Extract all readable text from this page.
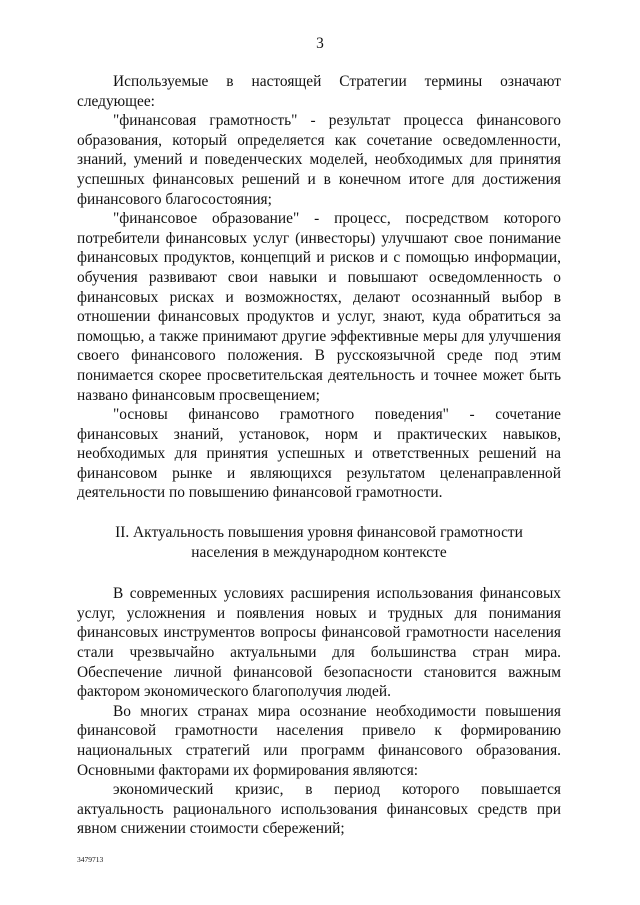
3

Используемые в настоящей Стратегии термины означают следующее:

"финансовая грамотность" - результат процесса финансового образования, который определяется как сочетание осведомленности, знаний, умений и поведенческих моделей, необходимых для принятия успешных финансовых решений и в конечном итоге для достижения финансового благосостояния;

"финансовое образование" - процесс, посредством которого потребители финансовых услуг (инвесторы) улучшают свое понимание финансовых продуктов, концепций и рисков и с помощью информации, обучения развивают свои навыки и повышают осведомленность о финансовых рисках и возможностях, делают осознанный выбор в отношении финансовых продуктов и услуг, знают, куда обратиться за помощью, а также принимают другие эффективные меры для улучшения своего финансового положения. В русскоязычной среде под этим понимается скорее просветительская деятельность и точнее может быть названо финансовым просвещением;

"основы финансово грамотного поведения" - сочетание финансовых знаний, установок, норм и практических навыков, необходимых для принятия успешных и ответственных решений на финансовом рынке и являющихся результатом целенаправленной деятельности по повышению финансовой грамотности.

II. Актуальность повышения уровня финансовой грамотности
населения в международном контексте

В современных условиях расширения использования финансовых услуг, усложнения и появления новых и трудных для понимания финансовых инструментов вопросы финансовой грамотности населения стали чрезвычайно актуальными для большинства стран мира. Обеспечение личной финансовой безопасности становится важным фактором экономического благополучия людей.

Во многих странах мира осознание необходимости повышения финансовой грамотности населения привело к формированию национальных стратегий или программ финансового образования. Основными факторами их формирования являются:

экономический кризис, в период которого повышается актуальность рационального использования финансовых средств при явном снижении стоимости сбережений;

3479713
